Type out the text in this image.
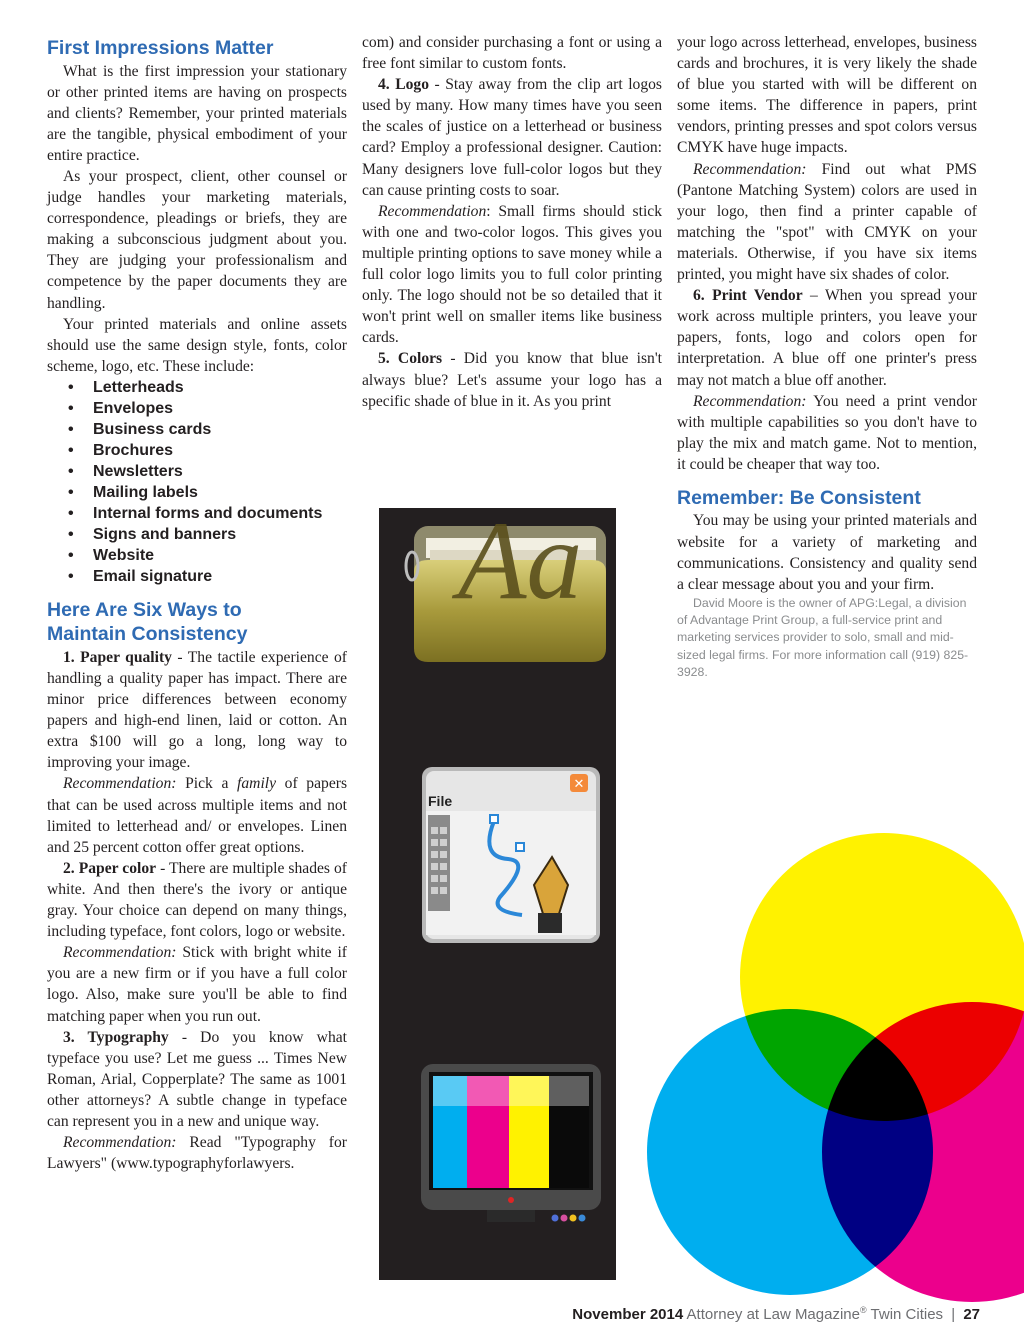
First Impressions Matter

What is the first impression your stationary or other printed items are having on prospects and clients? Remember, your printed materials are the tangible, physical embodiment of your entire practice.

As your prospect, client, other counsel or judge handles your marketing materials, correspondence, pleadings or briefs, they are making a subconscious judgment about you. They are judging your professionalism and competence by the paper documents they are handling.

Your printed materials and online assets should use the same design style, fonts, color scheme, logo, etc. These include:

• Letterheads
• Envelopes
• Business cards
• Brochures
• Newsletters
• Mailing labels
• Internal forms and documents
• Signs and banners
• Website
• Email signature
Here Are Six Ways to Maintain Consistency

1. Paper quality - The tactile experience of handling a quality paper has impact. There are minor price differences between economy papers and high-end linen, laid or cotton. An extra $100 will go a long, long way to improving your image.

Recommendation: Pick a family of papers that can be used across multiple items and not limited to letterhead and/ or envelopes. Linen and 25 percent cotton offer great options.

2. Paper color - There are multiple shades of white. And then there's the ivory or antique gray. Your choice can depend on many things, including typeface, font colors, logo or website.

Recommendation: Stick with bright white if you are a new firm or if you have a full color logo. Also, make sure you'll be able to find matching paper when you run out.

3. Typography - Do you know what typeface you use? Let me guess ... Times New Roman, Arial, Copperplate? The same as 1001 other attorneys? A subtle change in typeface can represent you in a new and unique way.

Recommendation: Read "Typography for Lawyers" (www.typographyforlawyers.

com) and consider purchasing a font or using a free font similar to custom fonts.

4. Logo - Stay away from the clip art logos used by many. How many times have you seen the scales of justice on a letterhead or business card? Employ a professional designer. Caution: Many designers love full-color logos but they can cause printing costs to soar.

Recommendation: Small firms should stick with one and two-color logos. This gives you multiple printing options to save money while a full color logo limits you to full color printing only. The logo should not be so detailed that it won't print well on smaller items like business cards.

5. Colors - Did you know that blue isn't always blue? Let's assume your logo has a specific shade of blue in it. As you print

your logo across letterhead, envelopes, business cards and brochures, it is very likely the shade of blue you started with will be different on some items. The difference in papers, print vendors, printing presses and spot colors versus CMYK have huge impacts.

Recommendation: Find out what PMS (Pantone Matching System) colors are used in your logo, then find a printer capable of matching the "spot" with CMYK on your materials. Otherwise, if you have six items printed, you might have six shades of color.

6. Print Vendor – When you spread your work across multiple printers, you leave your papers, fonts, logo and colors open for interpretation. A blue off one printer's press may not match a blue off another.

Recommendation: You need a print vendor with multiple capabilities so you don't have to play the mix and match game. Not to mention, it could be cheaper that way too.

Remember: Be Consistent

You may be using your printed materials and website for a variety of marketing and communications. Consistency and quality send a clear message about you and your firm.

David Moore is the owner of APG:Legal, a division of Advantage Print Group, a full-service print and marketing services provider to solo, small and mid-sized legal firms. For more information call (919) 825-3928.

Aa
✕
File
November 2014 Attorney at Law Magazine® Twin Cities | 27
